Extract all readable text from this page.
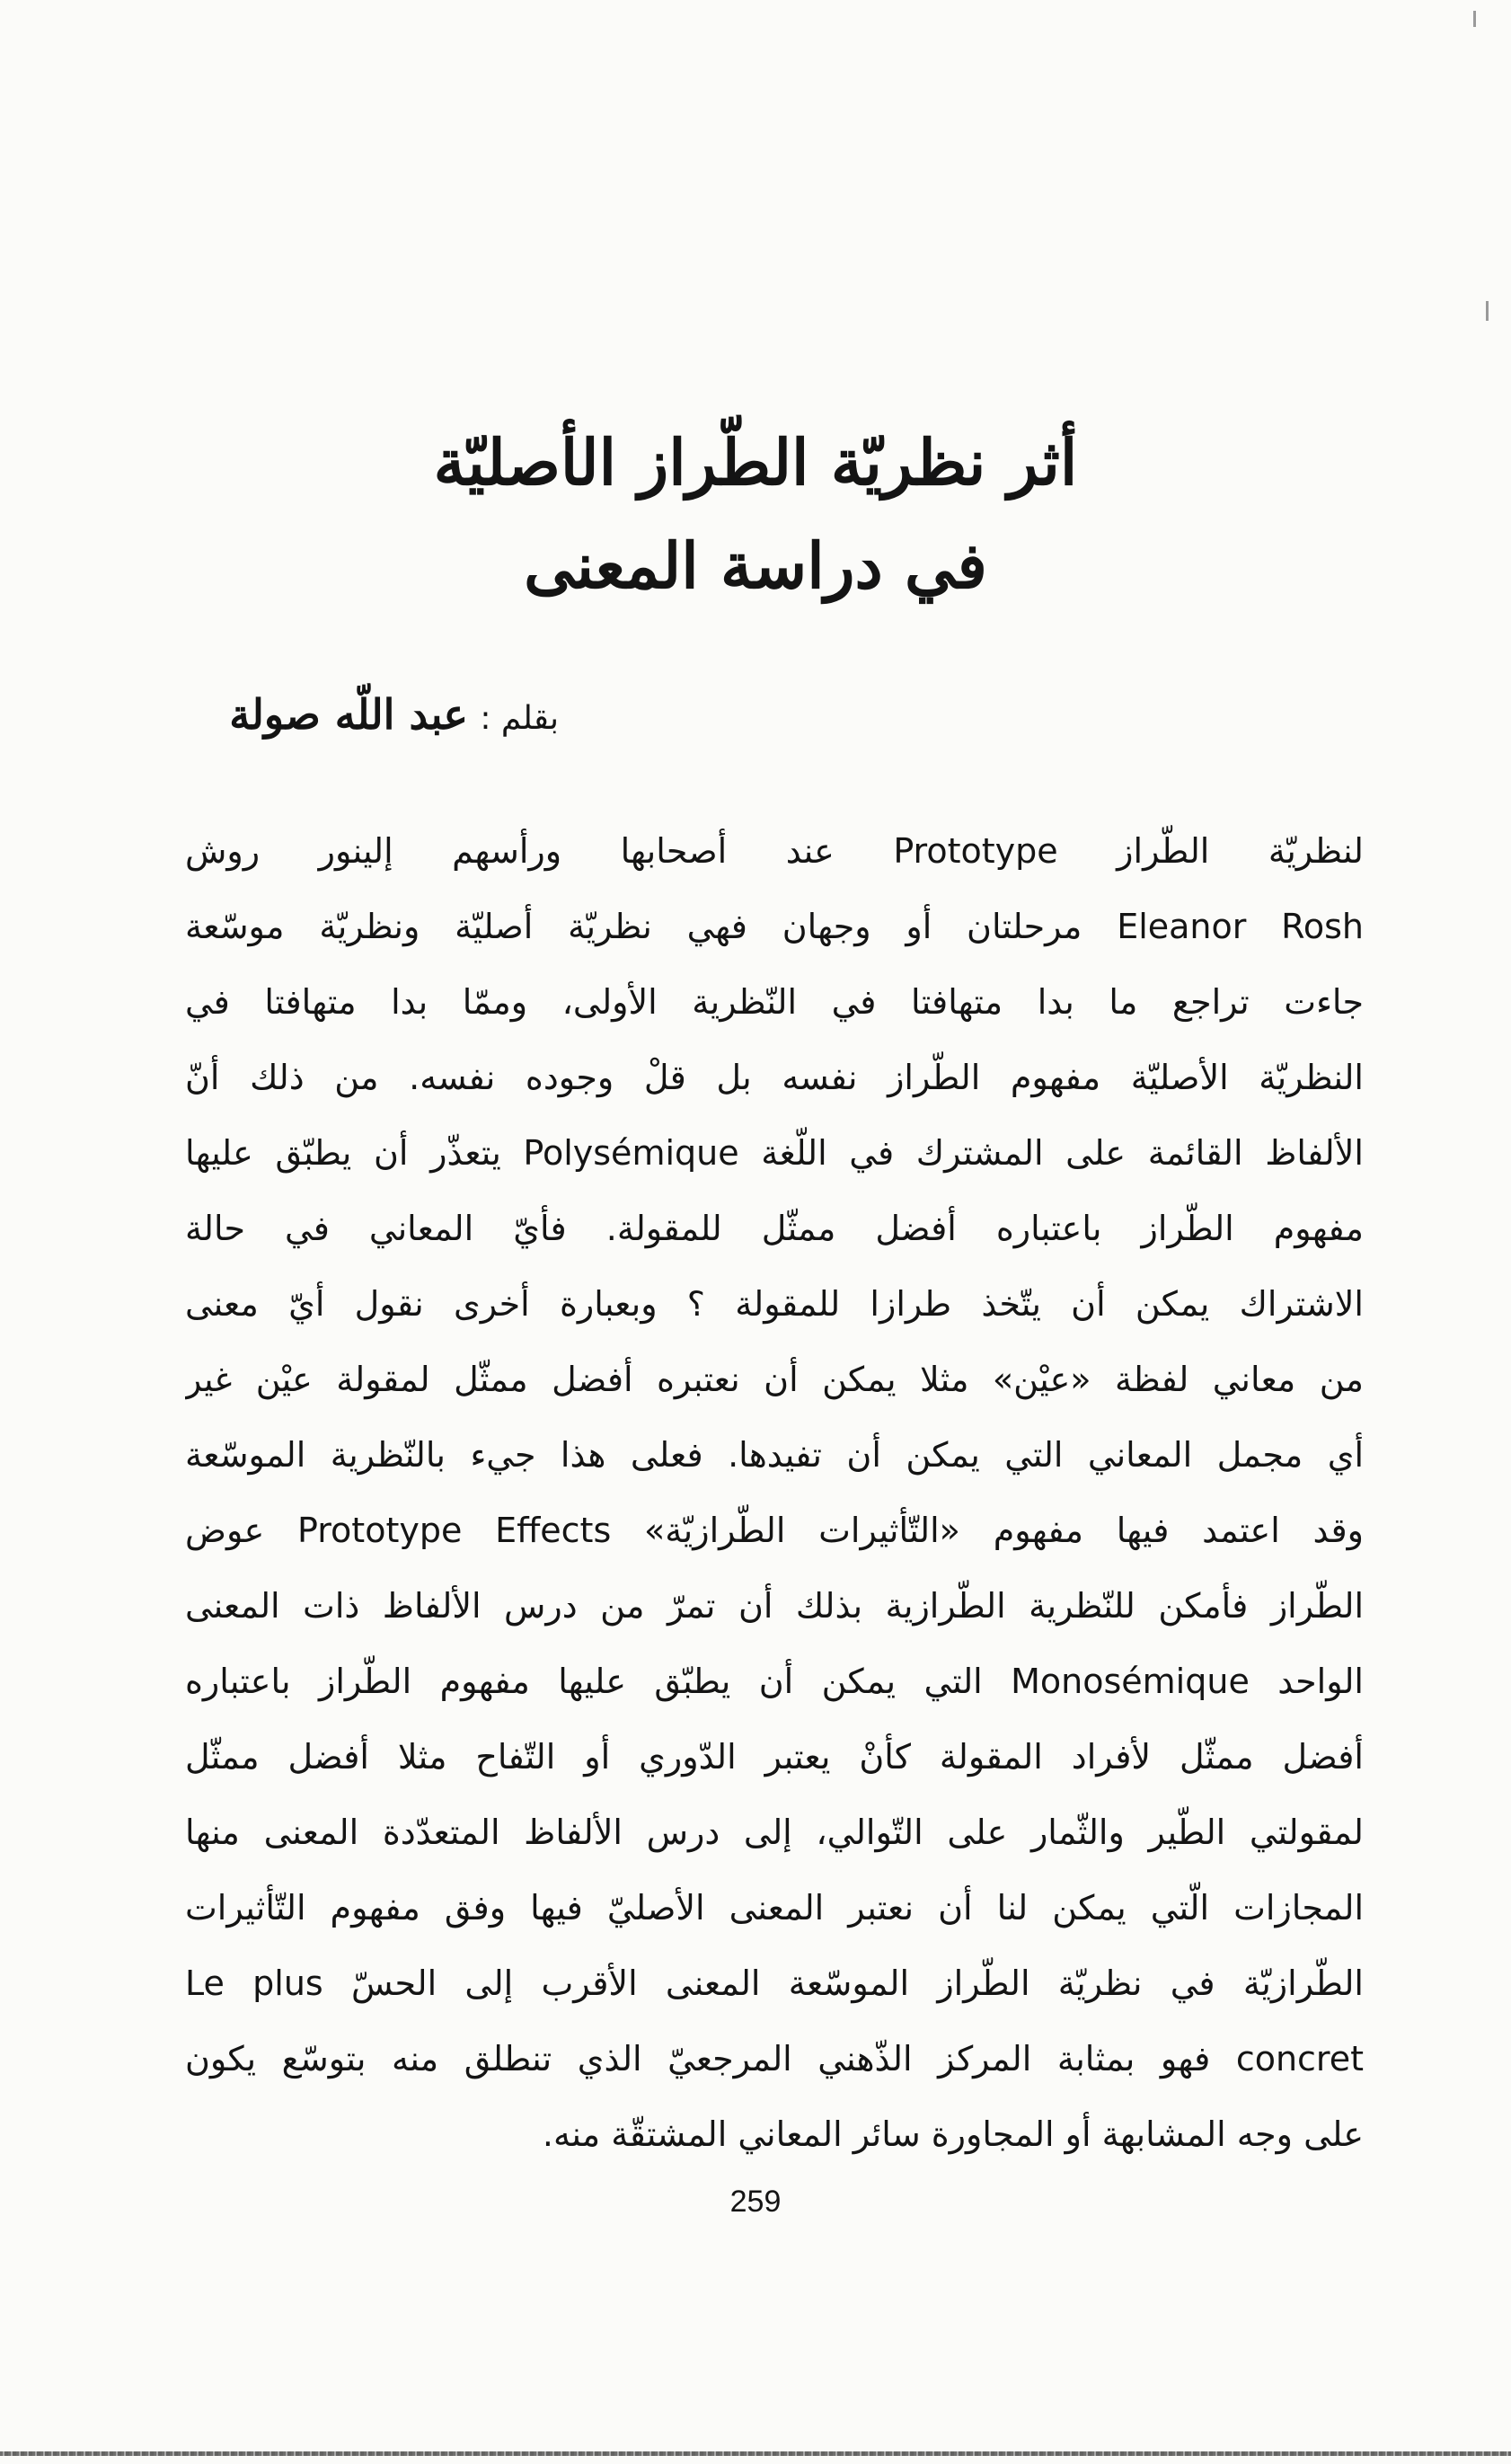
أثر نظريّة الطّراز الأصليّة
في دراسة المعنى
بقلم : عبد اللّه صولة
لنظريّة الطّراز Prototype عند أصحابها ورأسهم إلينور روش
Eleanor Rosh مرحلتان أو وجهان فهي نظريّة أصليّة ونظريّة موسّعة
جاءت تراجع ما بدا متهافتا في النّظرية الأولى، وممّا بدا متهافتا في
النظريّة الأصليّة مفهوم الطّراز نفسه بل قلْ وجوده نفسه. من ذلك أنّ
الألفاظ القائمة على المشترك في اللّغة Polysémique يتعذّر أن يطبّق عليها
مفهوم الطّراز باعتباره أفضل ممثّل للمقولة. فأيّ المعاني في حالة
الاشتراك يمكن أن يتّخذ طرازا للمقولة ؟ وبعبارة أخرى نقول أيّ معنى
من معاني لفظة «عيْن» مثلا يمكن أن نعتبره أفضل ممثّل لمقولة عيْن غير
أي مجمل المعاني التي يمكن أن تفيدها. فعلى هذا جيء بالنّظرية الموسّعة
وقد اعتمد فيها مفهوم «التّأثيرات الطّرازيّة» Prototype Effects عوض
الطّراز فأمكن للنّظرية الطّرازية بذلك أن تمرّ من درس الألفاظ ذات المعنى
الواحد Monosémique التي يمكن أن يطبّق عليها مفهوم الطّراز باعتباره
أفضل ممثّل لأفراد المقولة كأنْ يعتبر الدّوري أو التّفاح مثلا أفضل ممثّل
لمقولتي الطّير والثّمار على التّوالي، إلى درس الألفاظ المتعدّدة المعنى منها
المجازات الّتي يمكن لنا أن نعتبر المعنى الأصليّ فيها وفق مفهوم التّأثيرات
الطّرازيّة في نظريّة الطّراز الموسّعة المعنى الأقرب إلى الحسّ Le plus
concret فهو بمثابة المركز الذّهني المرجعيّ الذي تنطلق منه بتوسّع يكون
على وجه المشابهة أو المجاورة سائر المعاني المشتقّة منه.
259
